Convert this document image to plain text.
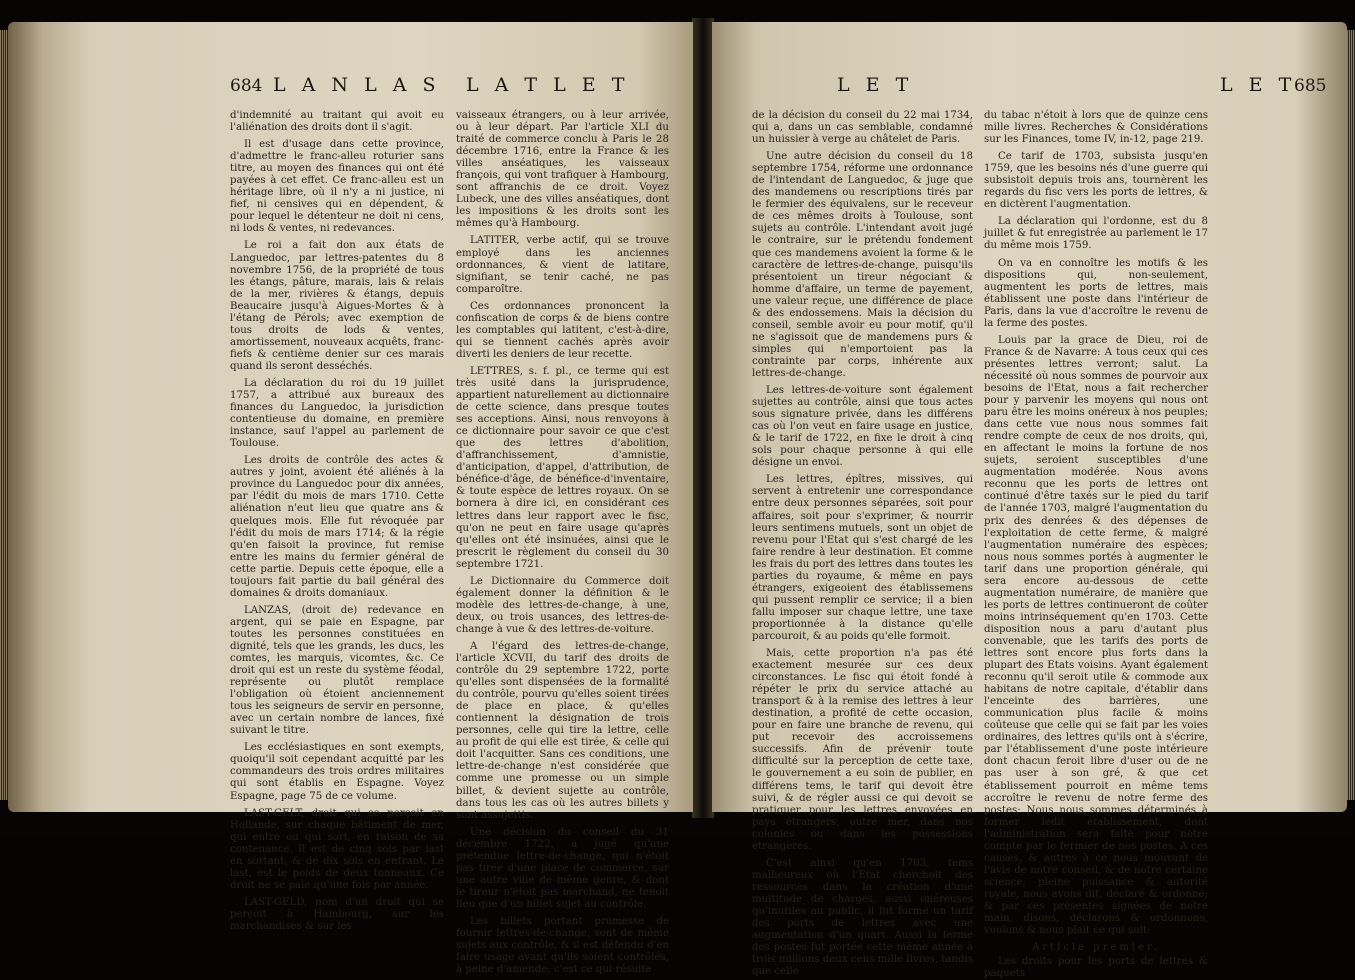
684 L A N L A S L A T L E T

d'indemnité au traitant qui avoit eu l'aliénation des droits dont il s'agit.

Il est d'usage dans cette province, d'admettre le franc-alleu roturier sans titre, au moyen des finances qui ont été payées à cet effet. Ce franc-alleu est un héritage libre, où il n'y a ni justice, ni fief, ni censives qui en dépendent, & pour lequel le détenteur ne doit ni cens, ni lods & ventes, ni redevances.

Le roi a fait don aux états de Languedoc, par lettres-patentes du 8 novembre 1756, de la propriété de tous les étangs, pâture, marais, lais & relais de la mer, rivières & étangs, depuis Beaucaire jusqu'à Aigues-Mortes & à l'étang de Pérols; avec exemption de tous droits de lods & ventes, amortissement, nouveaux acquêts, franc-fiefs & centième denier sur ces marais quand ils seront desséchés.

La déclaration du roi du 19 juillet 1757, a attribué aux bureaux des finances du Languedoc, la jurisdiction contentieuse du domaine, en première instance, sauf l'appel au parlement de Toulouse.

Les droits de contrôle des actes & autres y joint, avoient été aliénés à la province du Languedoc pour dix années, par l'édit du mois de mars 1710. Cette aliénation n'eut lieu que quatre ans & quelques mois. Elle fut révoquée par l'édit du mois de mars 1714; & la régie qu'en faisoit la province, fut remise entre les mains du fermier général de cette partie. Depuis cette époque, elle a toujours fait partie du bail général des domaines & droits domaniaux.

LANZAS, (droit de) redevance en argent, qui se paie en Espagne, par toutes les personnes constituées en dignité, tels que les grands, les ducs, les comtes, les marquis, vicomtes, &c. Ce droit qui est un reste du système féodal, représente ou plutôt remplace l'obligation où étoient anciennement tous les seigneurs de servir en personne, avec un certain nombre de lances, fixé suivant le titre.

Les ecclésiastiques en sont exempts, quoiqu'il soit cependant acquitté par les commandeurs des trois ordres militaires qui sont établis en Espagne. Voyez Espagne, page 75 de ce volume.

LAST-GELT, droit qui se perçoit en Hollande, sur chaque bâtiment de mer, qui entre ou qui sort, en raison de sa contenance. Il est de cinq sols par last en sortant, & de dix sols en entrant. Le last, est le poids de deux tonneaux. Ce droit ne se paie qu'une fois par année.

LAST-GELD, nom d'un droit qui se perçoit à Hambourg, sur les marchandises & sur les

vaisseaux étrangers, ou à leur arrivée, ou à leur départ. Par l'article XLI du traité de commerce conclu à Paris le 28 décembre 1716, entre la France & les villes anséatiques, les vaisseaux françois, qui vont trafiquer à Hambourg, sont affranchis de ce droit. Voyez Lubeck, une des villes anséatiques, dont les impositions & les droits sont les mêmes qu'à Hambourg.

LATITER, verbe actif, qui se trouve employé dans les anciennes ordonnances, & vient de latitare, signifiant, se tenir caché, ne pas comparoître.

Ces ordonnances prononcent la confiscation de corps & de biens contre les comptables qui latitent, c'est-à-dire, qui se tiennent cachés après avoir diverti les deniers de leur recette.

LETTRES, s. f. pl., ce terme qui est très usité dans la jurisprudence, appartient naturellement au dictionnaire de cette science, dans presque toutes ses acceptions. Ainsi, nous renvoyons à ce dictionnaire pour savoir ce que c'est que des lettres d'abolition, d'affranchissement, d'amnistie, d'anticipation, d'appel, d'attribution, de bénéfice-d'âge, de bénéfice-d'inventaire, & toute espèce de lettres royaux. On se bornera à dire ici, en considérant ces lettres dans leur rapport avec le fisc, qu'on ne peut en faire usage qu'après qu'elles ont été insinuées, ainsi que le prescrit le règlement du conseil du 30 septembre 1721.

Le Dictionnaire du Commerce doit également donner la définition & le modèle des lettres-de-change, à une, deux, ou trois usances, des lettres-de-change à vue & des lettres-de-voiture.

A l'égard des lettres-de-change, l'article XCVII, du tarif des droits de contrôle du 29 septembre 1722, porte qu'elles sont dispensées de la formalité du contrôle, pourvu qu'elles soient tirées de place en place, & qu'elles contiennent la désignation de trois personnes, celle qui tire la lettre, celle au profit de qui elle est tirée, & celle qui doit l'acquitter. Sans ces conditions, une lettre-de-change n'est considérée que comme une promesse ou un simple billet, & devient sujette au contrôle, dans tous les cas où les autres billets y sont assujettis.

Une décision du conseil du 31 décembre 1722, a jugé qu'une prétendue lettre-de-change, qui n'étoit pas tirée d'une place de commerce, sur une autre ville de même genre, & dont le tireur n'étoit pas marchand, ne tenoit lieu que d'un billet sujet au contrôle.

Les billets portant promesse de fournir lettres-de-change, sont de même sujets aux contrôle, & il est défendu d'en faire usage avant qu'ils soient contrôlés, à peine d'amende; c'est ce qui résulte

L E T	L E T
685

de la décision du conseil du 22 mai 1734, qui a, dans un cas semblable, condamné un huissier à verge au châtelet de Paris.

Une autre décision du conseil du 18 septembre 1754, réforme une ordonnance de l'intendant de Languedoc, & juge que des mandemens ou rescriptions tirés par le fermier des équivalens, sur le receveur de ces mêmes droits à Toulouse, sont sujets au contrôle. L'intendant avoit jugé le contraire, sur le prétendu fondement que ces mandemens avoient la forme & le caractère de lettres-de-change, puisqu'ils présentoient un tireur négociant & homme d'affaire, un terme de payement, une valeur reçue, une différence de place & des endossemens. Mais la décision du conseil, semble avoir eu pour motif, qu'il ne s'agissoit que de mandemens purs & simples qui n'emportoient pas la contrainte par corps, inhérente aux lettres-de-change.

Les lettres-de-voiture sont également sujettes au contrôle, ainsi que tous actes sous signature privée, dans les différens cas où l'on veut en faire usage en justice, & le tarif de 1722, en fixe le droit à cinq sols pour chaque personne à qui elle désigne un envoi.

Les lettres, épîtres, missives, qui servent à entretenir une correspondance entre deux personnes séparées, soit pour affaires, soit pour s'exprimer, & nourrir leurs sentimens mutuels, sont un objet de revenu pour l'Etat qui s'est chargé de les faire rendre à leur destination. Et comme les frais du port des lettres dans toutes les parties du royaume, & même en pays étrangers, exigeoient des établissemens qui pussent remplir ce service; il a bien fallu imposer sur chaque lettre, une taxe proportionnée à la distance qu'elle parcouroit, & au poids qu'elle formoit.

Mais, cette proportion n'a pas été exactement mesurée sur ces deux circonstances. Le fisc qui étoit fondé à répéter le prix du service attaché au transport & à la remise des lettres à leur destination, a profité de cette occasion, pour en faire une branche de revenu, qui put recevoir des accroissemens successifs. Afin de prévenir toute difficulté sur la perception de cette taxe, le gouvernement a eu soin de publier, en différens tems, le tarif qui devoit être suivi, & de régler aussi ce qui devoit se pratiquer pour les lettres envoyées en pays étrangers, outre mer, dans nos colonies ou dans les possessions étrangères.

C'est ainsi qu'en 1703, tems malheureux où l'Etat cherchoit des ressources dans la création d'une multitude de charges, aussi onéreuses qu'inutiles au public, il fut formé un tarif des ports de lettres avec une augmentation d'un quart. Aussi la ferme des postes fut portée cette même année à trois millions deux cens mille livres, tandis que celle

du tabac n'étoit à lors que de quinze cens mille livres. Recherches & Considérations sur les Finances, tome IV, in-12, page 219.

Ce tarif de 1703, subsista jusqu'en 1759, que les besoins nés d'une guerre qui subsistoit depuis trois ans, tournèrent les regards du fisc vers les ports de lettres, & en dictèrent l'augmentation.

La déclaration qui l'ordonne, est du 8 juillet & fut enregistrée au parlement le 17 du même mois 1759.

On va en connoître les motifs & les dispositions qui, non-seulement, augmentent les ports de lettres, mais établissent une poste dans l'intérieur de Paris, dans la vue d'accroître le revenu de la ferme des postes.

Louis par la grace de Dieu, roi de France & de Navarre: A tous ceux qui ces présentes lettres verront; salut. La nécessité où nous sommes de pourvoir aux besoins de l'Etat, nous a fait rechercher pour y parvenir les moyens qui nous ont paru être les moins onéreux à nos peuples; dans cette vue nous nous sommes fait rendre compte de ceux de nos droits, qui, en affectant le moins la fortune de nos sujets, seroient susceptibles d'une augmentation modérée. Nous avons reconnu que les ports de lettres ont continué d'être taxés sur le pied du tarif de l'année 1703, malgré l'augmentation du prix des denrées & des dépenses de l'exploitation de cette ferme, & malgré l'augmentation numéraire des espèces; nous nous sommes portés à augmenter le tarif dans une proportion générale, qui sera encore au-dessous de cette augmentation numéraire, de manière que les ports de lettres continueront de coûter moins intrinséquement qu'en 1703. Cette disposition nous a paru d'autant plus convenable, que les tarifs des ports de lettres sont encore plus forts dans la plupart des Etats voisins. Ayant également reconnu qu'il seroit utile & commode aux habitans de notre capitale, d'établir dans l'enceinte des barrières, une communication plus facile & moins coûteuse que celle qui se fait par les voies ordinaires, des lettres qu'ils ont à s'écrire, par l'établissement d'une poste intérieure dont chacun feroit libre d'user ou de ne pas user à son gré, & que cet établissement pourroit en même tems accroître le revenu de notre ferme des postes; Nous nous sommes déterminés à former ledit établissement, dont l'administration sera faite pour notre compte par le fermier de nos postes. A ces causes, & autres à ce nous mouvant de l'avis de notre conseil, & de notre certaine science, pleine puissance & autorité royale, nous avons dit, déclaré & ordonné; & par ces présentes signées de notre main, disons, déclarons & ordonnons, voulons & nous plait ce qui suit:

Article premier.

Les droits pour les ports de lettres & paquets
